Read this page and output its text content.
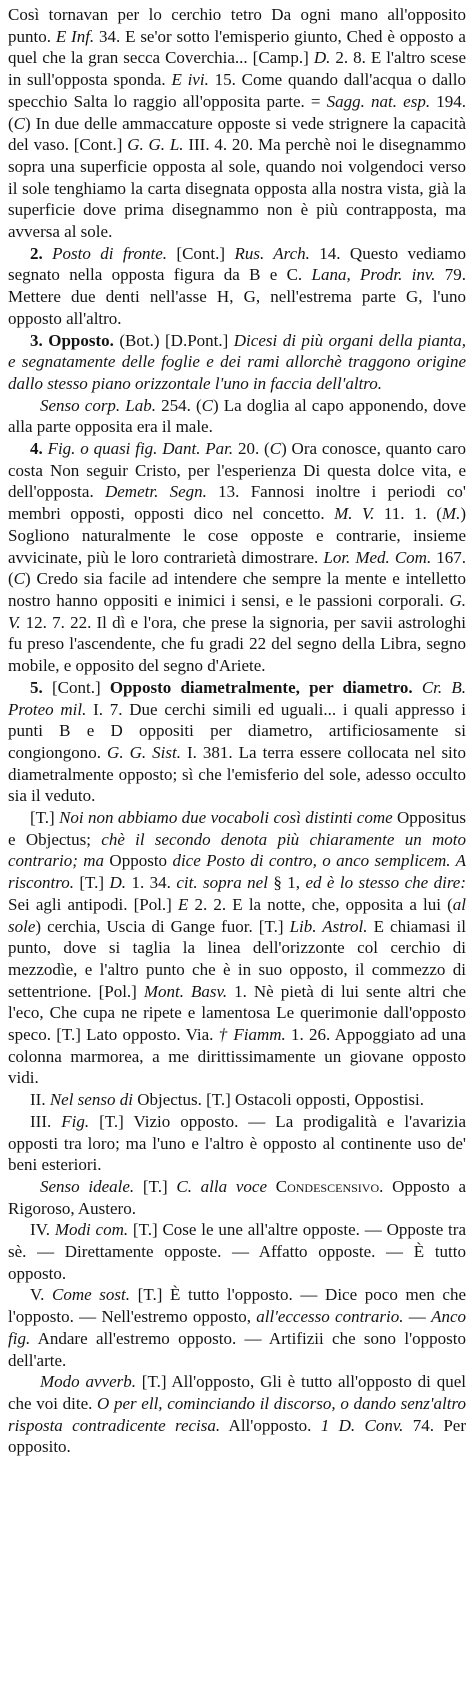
Così tornavan per lo cerchio tetro Da ogni mano all'opposito punto. E Inf. 34. E se'or sotto l'emisperio giunto, Ched è opposto a quel che la gran secca Coverchia... [Camp.] D. 2. 8. E l'altro scese in sull'opposta sponda. E ivi. 15. Come quando dall'acqua o dallo specchio Salta lo raggio all'opposita parte. = Sagg. nat. esp. 194. (C) In due delle ammaccature opposte si vede strignere la capacità del vaso. [Cont.] G. G. L. III. 4. 20. Ma perchè noi le disegnammo sopra una superficie opposta al sole, quando noi volgendoci verso il sole tenghiamo la carta disegnata opposta alla nostra vista, già la superficie dove prima disegnammo non è più contrapposta, ma avversa al sole.

2. Posto di fronte. [Cont.] Rus. Arch. 14. Questo vediamo segnato nella opposta figura da B e C. Lana, Prodr. inv. 79. Mettere due denti nell'asse H, G, nell'estrema parte G, l'uno opposto all'altro.

3. Opposto. (Bot.) [D.Pont.] Dicesi di più organi della pianta, e segnatamente delle foglie e dei rami allorchè traggono origine dallo stesso piano orizzontale l'uno in faccia dell'altro.

Senso corp. Lab. 254. (C) La doglia al capo apponendo, dove alla parte opposita era il male.

4. Fig. o quasi fig. Dant. Par. 20. (C) Ora conosce, quanto caro costa Non seguir Cristo, per l'esperienza Di questa dolce vita, e dell'opposta. Demetr. Segn. 13. Fannosi inoltre i periodi co' membri opposti, opposti dico nel concetto. M. V. 11. 1. (M.) Sogliono naturalmente le cose opposte e contrarie, insieme avvicinate, più le loro contrarietà dimostrare. Lor. Med. Com. 167. (C) Credo sia facile ad intendere che sempre la mente e intelletto nostro hanno oppositi e inimici i sensi, e le passioni corporali. G. V. 12. 7. 22. Il dì e l'ora, che prese la signoria, per savii astrologhi fu preso l'ascendente, che fu gradi 22 del segno della Libra, segno mobile, e opposito del segno d'Ariete.

5. [Cont.] Opposto diametralmente, per diametro. Cr. B. Proteo mil. I. 7. Due cerchi simili ed uguali... i quali appresso i punti B e D oppositi per diametro, artificiosamente si congiongono. G. G. Sist. I. 381. La terra essere collocata nel sito diametralmente opposto; sì che l'emisferio del sole, adesso occulto sia il veduto.

[T.] Noi non abbiamo due vocaboli così distinti come Oppositus e Objectus; chè il secondo denota più chiaramente un moto contrario; ma Opposto dice Posto di contro, o anco semplicem. A riscontro. [T.] D. 1. 34. cit. sopra nel § 1, ed è lo stesso che dire: Sei agli antipodi. [Pol.] E 2. 2. E la notte, che, opposita a lui (al sole) cerchia, Uscia di Gange fuor. [T.] Lib. Astrol. E chiamasi il punto, dove si taglia la linea dell'orizzonte col cerchio di mezzodìe, e l'altro punto che è in suo opposto, il commezzo di settentrione. [Pol.] Mont. Basv. 1. Nè pietà di lui sente altri che l'eco, Che cupa ne ripete e lamentosa Le querimonie dall'opposto speco. [T.] Lato opposto. Via. † Fiamm. 1. 26. Appoggiato ad una colonna marmorea, a me dirittissimamente un giovane opposto vidi.

II. Nel senso di Objectus. [T.] Ostacoli opposti, Oppostisi.

III. Fig. [T.] Vizio opposto. — La prodigalità e l'avarizia opposti tra loro; ma l'uno e l'altro è opposto al continente uso de' beni esteriori.

Senso ideale. [T.] C. alla voce Condescensivo. Opposto a Rigoroso, Austero.

IV. Modi com. [T.] Cose le une all'altre opposte. — Opposte tra sè. — Direttamente opposte. — Affatto opposte. — È tutto opposto.

V. Come sost. [T.] È tutto l'opposto. — Dice poco men che l'opposto. — Nell'estremo opposto, all'eccesso contrario. — Anco fig. Andare all'estremo opposto. — Artifizii che sono l'opposto dell'arte.

Modo avverb. [T.] All'opposto, Gli è tutto all'opposto di quel che voi dite. O per ell, cominciando il discorso, o dando senz'altro risposta contradicente recisa. All'opposto. 1 D. Conv. 74. Per opposito.
